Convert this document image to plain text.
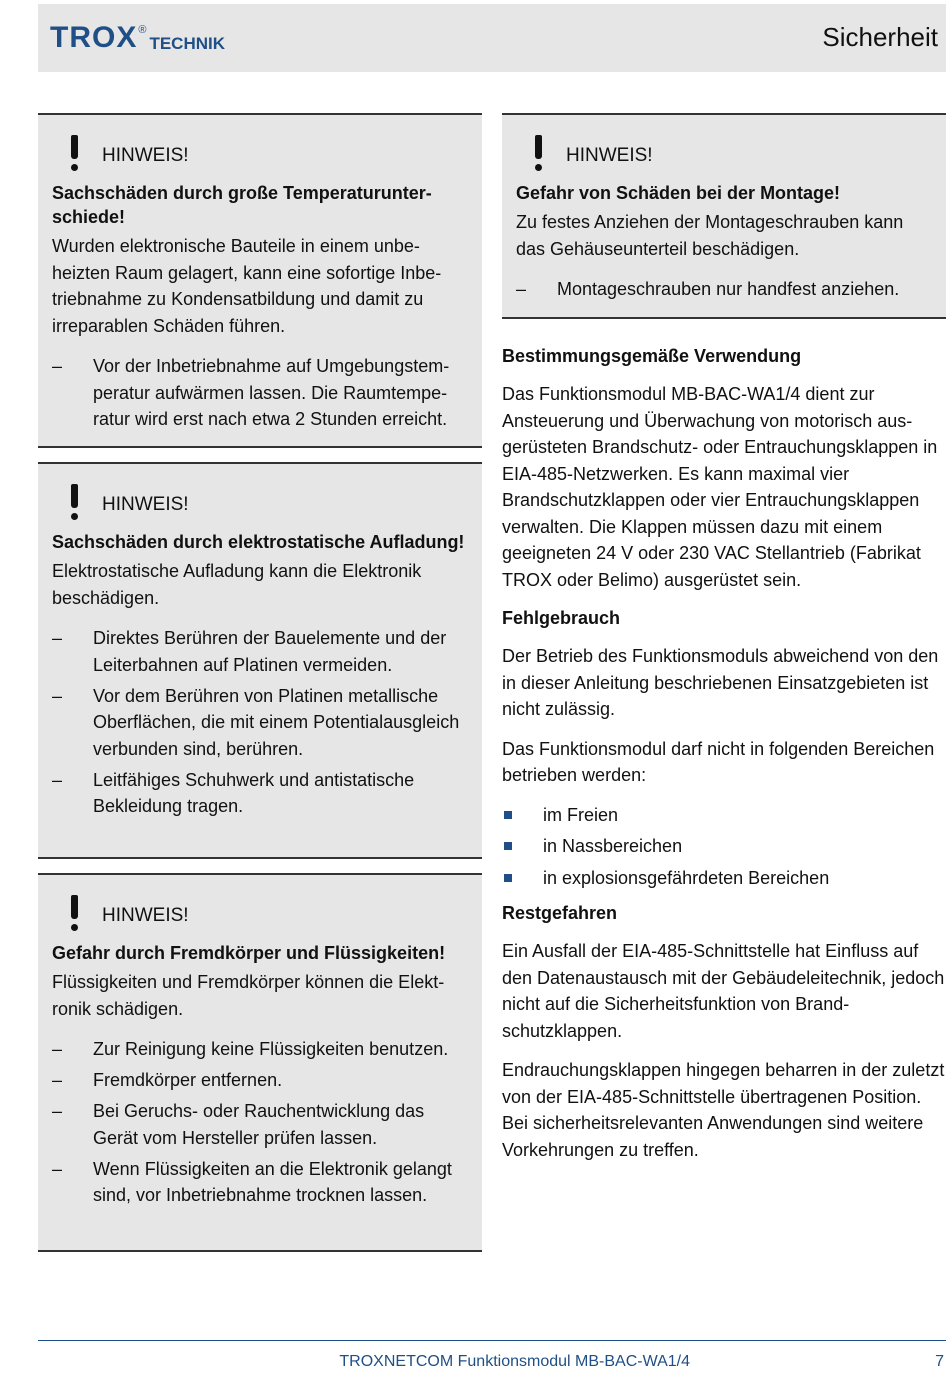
TROX ®
TECHNIK	Sicherheit
HINWEIS!
Sachschäden durch große Temperaturunterschiede!
Wurden elektronische Bauteile in einem unbeheizten Raum gelagert, kann eine sofortige Inbetriebnahme zu Kondensatbildung und damit zu irreparablen Schäden führen.
– Vor der Inbetriebnahme auf Umgebungstemperatur aufwärmen lassen. Die Raumtemperatur wird erst nach etwa 2 Stunden erreicht.
HINWEIS!
Sachschäden durch elektrostatische Aufladung!
Elektrostatische Aufladung kann die Elektronik beschädigen.
– Direktes Berühren der Bauelemente und der Leiterbahnen auf Platinen vermeiden.
– Vor dem Berühren von Platinen metallische Oberflächen, die mit einem Potentialausgleich verbunden sind, berühren.
– Leitfähiges Schuhwerk und antistatische Bekleidung tragen.
HINWEIS!
Gefahr durch Fremdkörper und Flüssigkeiten!
Flüssigkeiten und Fremdkörper können die Elektronik schädigen.
– Zur Reinigung keine Flüssigkeiten benutzen.
– Fremdkörper entfernen.
– Bei Geruchs- oder Rauchentwicklung das Gerät vom Hersteller prüfen lassen.
– Wenn Flüssigkeiten an die Elektronik gelangt sind, vor Inbetriebnahme trocknen lassen.
HINWEIS!
Gefahr von Schäden bei der Montage!
Zu festes Anziehen der Montageschrauben kann das Gehäuseunterteil beschädigen.
– Montageschrauben nur handfest anziehen.
Bestimmungsgemäße Verwendung
Das Funktionsmodul MB-BAC-WA1/4 dient zur Ansteuerung und Überwachung von motorisch ausgerüsteten Brandschutz- oder Entrauchungsklappen in EIA-485-Netzwerken. Es kann maximal vier Brandschutzklappen oder vier Entrauchungsklappen verwalten. Die Klappen müssen dazu mit einem geeigneten 24 V oder 230 VAC Stellantrieb (Fabrikat TROX oder Belimo) ausgerüstet sein.
Fehlgebrauch
Der Betrieb des Funktionsmoduls abweichend von den in dieser Anleitung beschriebenen Einsatzgebieten ist nicht zulässig.
Das Funktionsmodul darf nicht in folgenden Bereichen betrieben werden:
im Freien
in Nassbereichen
in explosionsgefährdeten Bereichen
Restgefahren
Ein Ausfall der EIA-485-Schnittstelle hat Einfluss auf den Datenaustausch mit der Gebäudeleitechnik, jedoch nicht auf die Sicherheitsfunktion von Brandschutzklappen.
Endrauchungsklappen hingegen beharren in der zuletzt von der EIA-485-Schnittstelle übertragenen Position. Bei sicherheitsrelevanten Anwendungen sind weitere Vorkehrungen zu treffen.
TROXNETCOM Funktionsmodul MB-BAC-WA1/4	7
